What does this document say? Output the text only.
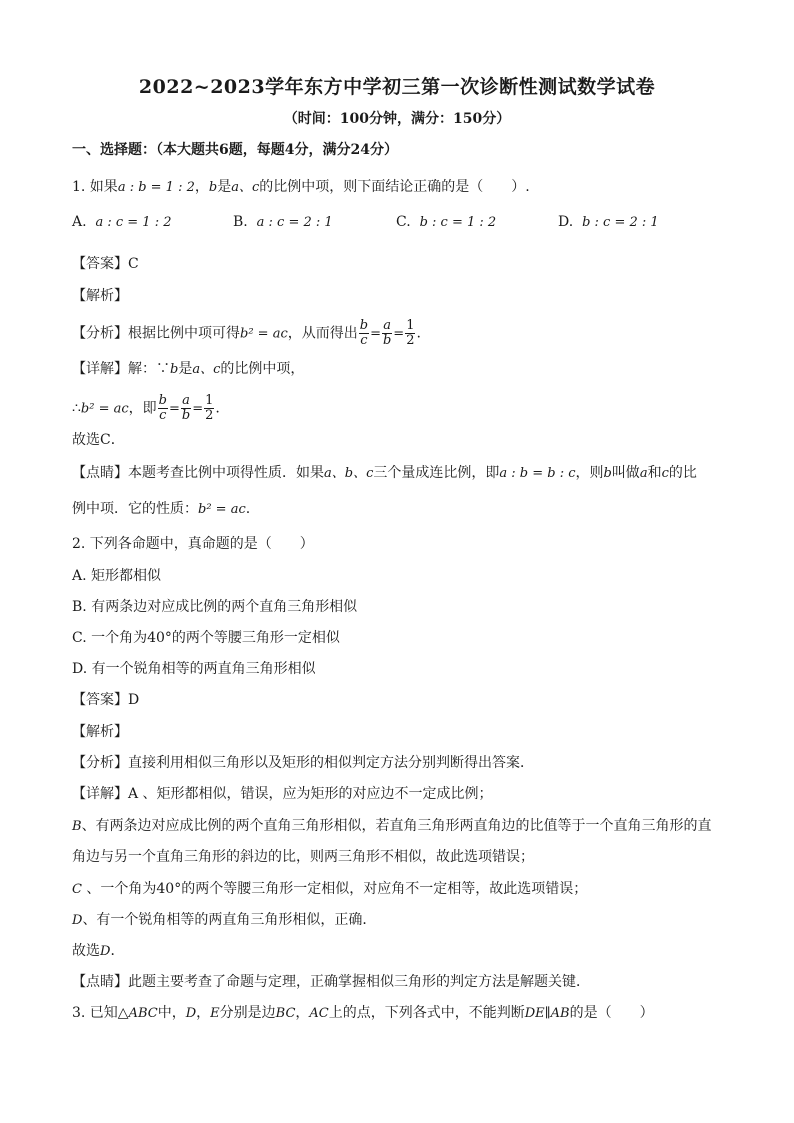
2022~2023学年东方中学初三第一次诊断性测试数学试卷
（时间：100分钟，满分：150分）
一、选择题：（本大题共6题，每题4分，满分24分）
1. 如果a : b = 1 : 2，b是a、c的比例中项，则下面结论正确的是（　　）.
A. a : c = 1 : 2	B. a : c = 2 : 1	C. b : c = 1 : 2	D. b : c = 2 : 1
【答案】C
【解析】
【分析】根据比例中项可得b² = ac，从而得出 $\frac{b}{c} = \frac{a}{b} = \frac{1}{2}$ .
【详解】解：∵b是a、c的比例中项，
∴b² = ac，即 $\frac{b}{c} = \frac{a}{b} = \frac{1}{2}$ .
故选C．
【点睛】本题考查比例中项得性质．如果a、b、c三个量成连比例，即a : b = b : c，则b叫做a和c的比
例中项．它的性质：b² = ac.
2. 下列各命题中，真命题的是（　　）
A. 矩形都相似
B. 有两条边对应成比例的两个直角三角形相似
C. 一个角为40°的两个等腰三角形一定相似
D. 有一个锐角相等的两直角三角形相似
【答案】D
【解析】
【分析】直接利用相似三角形以及矩形的相似判定方法分别判断得出答案．
【详解】A 、矩形都相似，错误，应为矩形的对应边不一定成比例；
B、有两条边对应成比例的两个直角三角形相似，若直角三角形两直角边的比值等于一个直角三角形的直
角边与另一个直角三角形的斜边的比，则两三角形不相似，故此选项错误；
C 、一个角为40°的两个等腰三角形一定相似，对应角不一定相等，故此选项错误；
D、有一个锐角相等的两直角三角形相似，正确．
故选D．
【点睛】此题主要考查了命题与定理，正确掌握相似三角形的判定方法是解题关键．
3. 已知△ABC中，D，E分别是边BC，AC上的点，下列各式中，不能判断DE∥AB的是（　　）
